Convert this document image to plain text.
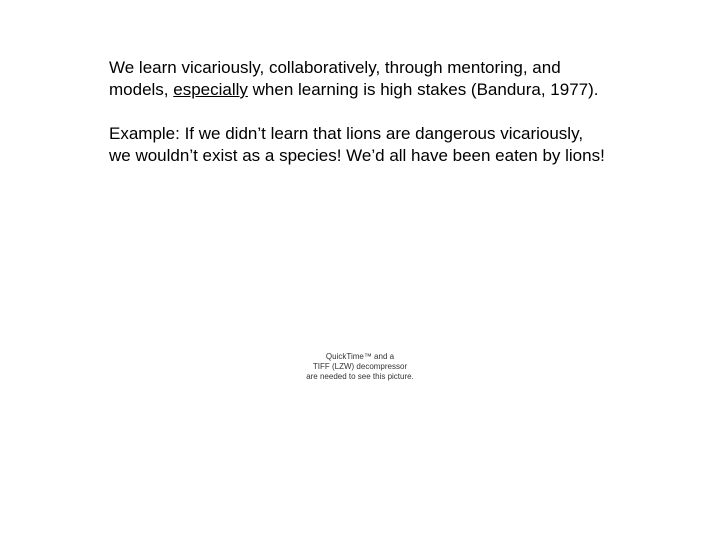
We learn vicariously, collaboratively, through mentoring, and models, especially when learning is high stakes (Bandura, 1977).

Example: If we didn’t learn that lions are dangerous vicariously, we wouldn’t exist as a species! We’d all have been eaten by lions!

QuickTime™ and a
TIFF (LZW) decompressor
are needed to see this picture.
